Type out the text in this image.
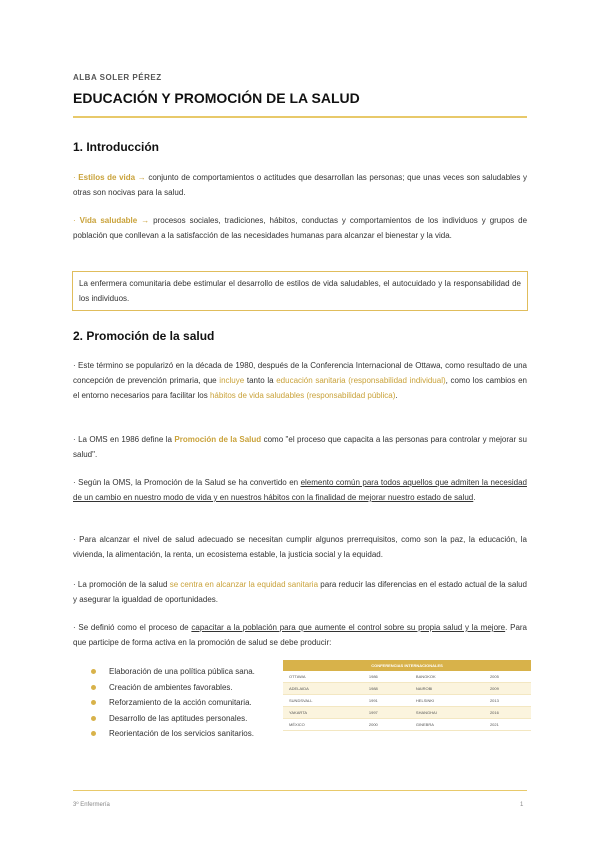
ALBA SOLER PÉREZ
EDUCACIÓN Y PROMOCIÓN DE LA SALUD
1. Introducción
· Estilos de vida → conjunto de comportamientos o actitudes que desarrollan las personas; que unas veces son saludables y otras son nocivas para la salud.
· Vida saludable → procesos sociales, tradiciones, hábitos, conductas y comportamientos de los individuos y grupos de población que conllevan a la satisfacción de las necesidades humanas para alcanzar el bienestar y la vida.
La enfermera comunitaria debe estimular el desarrollo de estilos de vida saludables, el autocuidado y la responsabilidad de los individuos.
2. Promoción de la salud
· Este término se popularizó en la década de 1980, después de la Conferencia Internacional de Ottawa, como resultado de una concepción de prevención primaria, que incluye tanto la educación sanitaria (responsabilidad individual), como los cambios en el entorno necesarios para facilitar los hábitos de vida saludables (responsabilidad pública).
· La OMS en 1986 define la Promoción de la Salud como "el proceso que capacita a las personas para controlar y mejorar su salud".
· Según la OMS, la Promoción de la Salud se ha convertido en elemento común para todos aquellos que admiten la necesidad de un cambio en nuestro modo de vida y en nuestros hábitos con la finalidad de mejorar nuestro estado de salud.
· Para alcanzar el nivel de salud adecuado se necesitan cumplir algunos prerrequisitos, como son la paz, la educación, la vivienda, la alimentación, la renta, un ecosistema estable, la justicia social y la equidad.
· La promoción de la salud se centra en alcanzar la equidad sanitaria para reducir las diferencias en el estado actual de la salud y asegurar la igualdad de oportunidades.
· Se definió como el proceso de capacitar a la población para que aumente el control sobre su propia salud y la mejore. Para que participe de forma activa en la promoción de salud se debe producir:
Elaboración de una política pública sana.
Creación de ambientes favorables.
Reforzamiento de la acción comunitaria.
Desarrollo de las aptitudes personales.
Reorientación de los servicios sanitarios.
CONFERENCIAS INTERNACIONALES			
OTTAWA	1986	BANGKOK	2005
ADELAIDA	1988	NAIROBI	2009
SUNDSVALL	1991	HELSINKI	2013
YAKARTA	1997	SHANGHAI	2016
MÉXICO	2000	GINEBRA	2021
3º Enfermería	1
